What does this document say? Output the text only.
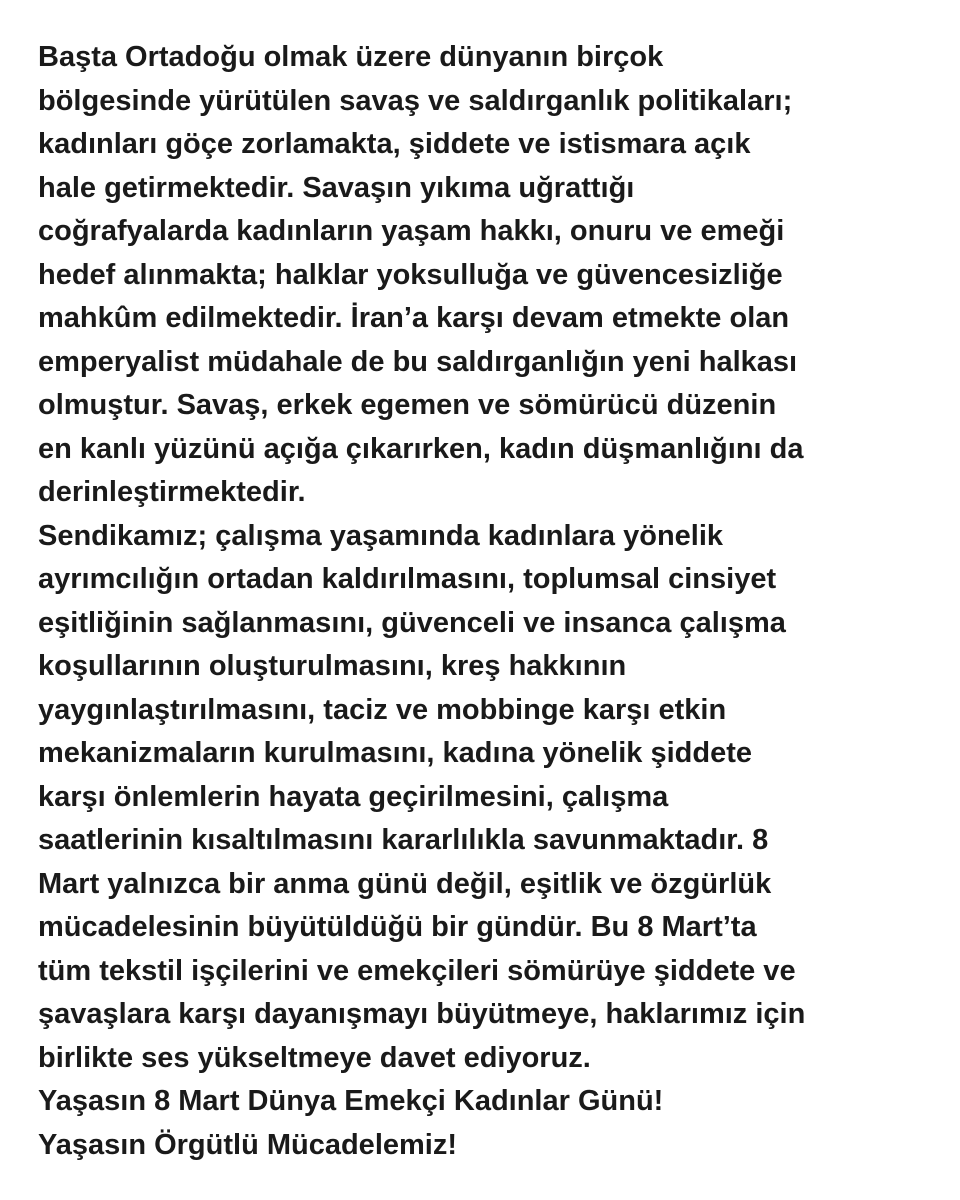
Başta Ortadoğu olmak üzere dünyanın birçok
bölgesinde yürütülen savaş ve saldırganlık politikaları;
kadınları göçe zorlamakta, şiddete ve istismara açık
hale getirmektedir. Savaşın yıkıma uğrattığı
coğrafyalarda kadınların yaşam hakkı, onuru ve emeği
hedef alınmakta; halklar yoksulluğa ve güvencesizliğe
mahkûm edilmektedir. İran’a karşı devam etmekte olan
emperyalist müdahale de bu saldırganlığın yeni halkası
olmuştur. Savaş, erkek egemen ve sömürücü düzenin
en kanlı yüzünü açığa çıkarırken, kadın düşmanlığını da
derinleştirmektedir.
Sendikamız; çalışma yaşamında kadınlara yönelik
ayrımcılığın ortadan kaldırılmasını, toplumsal cinsiyet
eşitliğinin sağlanmasını, güvenceli ve insanca çalışma
koşullarının oluşturulmasını, kreş hakkının
yaygınlaştırılmasını, taciz ve mobbinge karşı etkin
mekanizmaların kurulmasını, kadına yönelik şiddete
karşı önlemlerin hayata geçirilmesini, çalışma
saatlerinin kısaltılmasını kararlılıkla savunmaktadır. 8
Mart yalnızca bir anma günü değil, eşitlik ve özgürlük
mücadelesinin büyütüldüğü bir gündür. Bu 8 Mart’ta
tüm tekstil işçilerini ve emekçileri sömürüye şiddete ve
şavaşlara karşı dayanışmayı büyütmeye, haklarımız için
birlikte ses yükseltmeye davet ediyoruz.
Yaşasın 8 Mart Dünya Emekçi Kadınlar Günü!
Yaşasın Örgütlü Mücadelemiz!
